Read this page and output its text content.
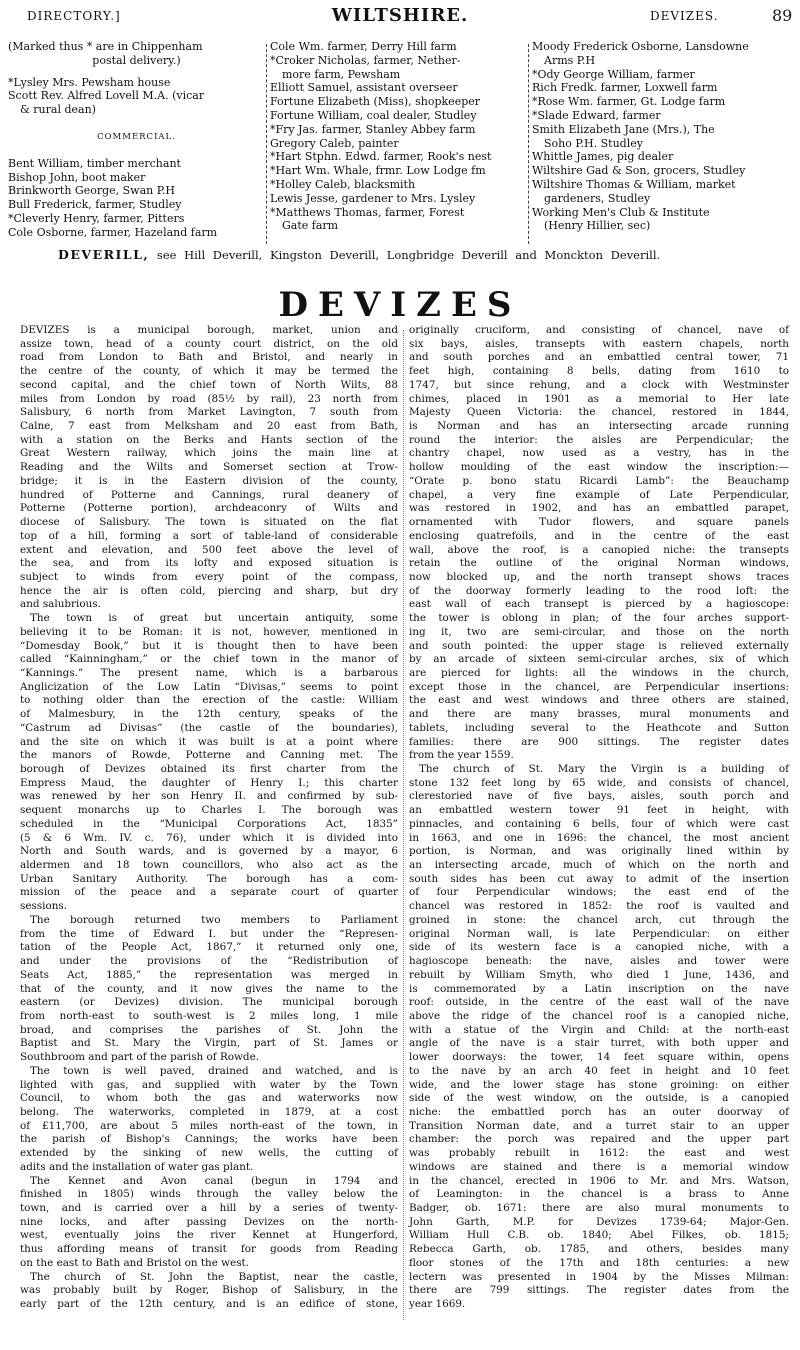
DIRECTORY.]	WILTSHIRE.	DEVIZES.	89
(Marked thus * are in Chippenham
postal delivery.)
*Lysley Mrs. Pewsham house
Scott Rev. Alfred Lovell M.A. (vicar
& rural dean)
COMMERCIAL.
Bent William, timber merchant
Bishop John, boot maker
Brinkworth George, Swan P.H
Bull Frederick, farmer, Studley
*Cleverly Henry, farmer, Pitters
Cole Osborne, farmer, Hazeland farm
Cole Wm. farmer, Derry Hill farm
*Croker Nicholas, farmer, Nether-
more farm, Pewsham
Elliott Samuel, assistant overseer
Fortune Elizabeth (Miss), shopkeeper
Fortune William, coal dealer, Studley
*Fry Jas. farmer, Stanley Abbey farm
Gregory Caleb, painter
*Hart Stphn. Edwd. farmer, Rook's nest
*Hart Wm. Whale, frmr. Low Lodge fm
*Holley Caleb, blacksmith
Lewis Jesse, gardener to Mrs. Lysley
*Matthews Thomas, farmer, Forest
Gate farm
Moody Frederick Osborne, Lansdowne
Arms P.H
*Ody George William, farmer
Rich Fredk. farmer, Loxwell farm
*Rose Wm. farmer, Gt. Lodge farm
*Slade Edward, farmer
Smith Elizabeth Jane (Mrs.), The
Soho P.H. Studley
Whittle James, pig dealer
Wiltshire Gad & Son, grocers, Studley
Wiltshire Thomas & William, market
gardeners, Studley
Working Men's Club & Institute
(Henry Hillier, sec)
DEVERILL, see Hill Deverill, Kingston Deverill, Longbridge Deverill and Monckton Deverill.
DEVIZES
DEVIZES is a municipal borough, market, union and
assize town, head of a county court district, on the old
road from London to Bath and Bristol, and nearly in
the centre of the county, of which it may be termed the
second capital, and the chief town of North Wilts, 88
miles from London by road (85½ by rail), 23 north from
Salisbury, 6 north from Market Lavington, 7 south from
Calne, 7 east from Melksham and 20 east from Bath,
with a station on the Berks and Hants section of the
Great Western railway, which joins the main line at
Reading and the Wilts and Somerset section at Trow-
bridge; it is in the Eastern division of the county,
hundred of Potterne and Cannings, rural deanery of
Potterne (Potterne portion), archdeaconry of Wilts and
diocese of Salisbury. The town is situated on the flat
top of a hill, forming a sort of table-land of considerable
extent and elevation, and 500 feet above the level of
the sea, and from its lofty and exposed situation is
subject to winds from every point of the compass,
hence the air is often cold, piercing and sharp, but dry
and salubrious.
The town is of great but uncertain antiquity, some
believing it to be Roman: it is not, however, mentioned in
“Domesday Book,” but it is thought then to have been
called “Kainningham,” or the chief town in the manor of
“Kannings.” The present name, which is a barbarous
Anglicization of the Low Latin “Divisas,” seems to point
to nothing older than the erection of the castle: William
of Malmesbury, in the 12th century, speaks of the
“Castrum ad Divisas” (the castle of the boundaries),
and the site on which it was built is at a point where
the manors of Rowde, Potterne and Canning met. The
borough of Devizes obtained its first charter from the
Empress Maud, the daughter of Henry I.; this charter
was renewed by her son Henry II. and confirmed by sub-
sequent monarchs up to Charles I. The borough was
scheduled in the “Municipal Corporations Act, 1835”
(5 & 6 Wm. IV. c. 76), under which it is divided into
North and South wards, and is governed by a mayor, 6
aldermen and 18 town councillors, who also act as the
Urban Sanitary Authority. The borough has a com-
mission of the peace and a separate court of quarter
sessions.
The borough returned two members to Parliament
from the time of Edward I. but under the “Represen-
tation of the People Act, 1867,” it returned only one,
and under the provisions of the “Redistribution of
Seats Act, 1885,” the representation was merged in
that of the county, and it now gives the name to the
eastern (or Devizes) division. The municipal borough
from north-east to south-west is 2 miles long, 1 mile
broad, and comprises the parishes of St. John the
Baptist and St. Mary the Virgin, part of St. James or
Southbroom and part of the parish of Rowde.
The town is well paved, drained and watched, and is
lighted with gas, and supplied with water by the Town
Council, to whom both the gas and waterworks now
belong. The waterworks, completed in 1879, at a cost
of £11,700, are about 5 miles north-east of the town, in
the parish of Bishop's Cannings; the works have been
extended by the sinking of new wells, the cutting of
adits and the installation of water gas plant.
The Kennet and Avon canal (begun in 1794 and
finished in 1805) winds through the valley below the
town, and is carried over a hill by a series of twenty-
nine locks, and after passing Devizes on the north-
west, eventually joins the river Kennet at Hungerford,
thus affording means of transit for goods from Reading
on the east to Bath and Bristol on the west.
The church of St. John the Baptist, near the castle,
was probably built by Roger, Bishop of Salisbury, in the
early part of the 12th century, and is an edifice of stone,
originally cruciform, and consisting of chancel, nave of
six bays, aisles, transepts with eastern chapels, north
and south porches and an embattled central tower, 71
feet high, containing 8 bells, dating from 1610 to
1747, but since rehung, and a clock with Westminster
chimes, placed in 1901 as a memorial to Her late
Majesty Queen Victoria: the chancel, restored in 1844,
is Norman and has an intersecting arcade running
round the interior: the aisles are Perpendicular; the
chantry chapel, now used as a vestry, has in the
hollow moulding of the east window the inscription:—
“Orate p. bono statu Ricardi Lamb”: the Beauchamp
chapel, a very fine example of Late Perpendicular,
was restored in 1902, and has an embattled parapet,
ornamented with Tudor flowers, and square panels
enclosing quatrefoils, and in the centre of the east
wall, above the roof, is a canopied niche: the transepts
retain the outline of the original Norman windows,
now blocked up, and the north transept shows traces
of the doorway formerly leading to the rood loft: the
east wall of each transept is pierced by a hagioscope:
the tower is oblong in plan; of the four arches support-
ing it, two are semi-circular, and those on the north
and south pointed: the upper stage is relieved externally
by an arcade of sixteen semi-circular arches, six of which
are pierced for lights: all the windows in the church,
except those in the chancel, are Perpendicular insertions:
the east and west windows and three others are stained,
and there are many brasses, mural monuments and
tablets, including several to the Heathcote and Sutton
families: there are 900 sittings. The register dates
from the year 1559.
The church of St. Mary the Virgin is a building of
stone 132 feet long by 65 wide, and consists of chancel,
clerestoried nave of five bays, aisles, south porch and
an embattled western tower 91 feet in height, with
pinnacles, and containing 6 bells, four of which were cast
in 1663, and one in 1696: the chancel, the most ancient
portion, is Norman, and was originally lined within by
an intersecting arcade, much of which on the north and
south sides has been cut away to admit of the insertion
of four Perpendicular windows; the east end of the
chancel was restored in 1852: the roof is vaulted and
groined in stone: the chancel arch, cut through the
original Norman wall, is late Perpendicular: on either
side of its western face is a canopied niche, with a
hagioscope beneath: the nave, aisles and tower were
rebuilt by William Smyth, who died 1 June, 1436, and
is commemorated by a Latin inscription on the nave
roof: outside, in the centre of the east wall of the nave
above the ridge of the chancel roof is a canopied niche,
with a statue of the Virgin and Child: at the north-east
angle of the nave is a stair turret, with both upper and
lower doorways: the tower, 14 feet square within, opens
to the nave by an arch 40 feet in height and 10 feet
wide, and the lower stage has stone groining: on either
side of the west window, on the outside, is a canopied
niche: the embattled porch has an outer doorway of
Transition Norman date, and a turret stair to an upper
chamber: the porch was repaired and the upper part
was probably rebuilt in 1612: the east and west
windows are stained and there is a memorial window
in the chancel, erected in 1906 to Mr. and Mrs. Watson,
of Leamington: in the chancel is a brass to Anne
Badger, ob. 1671: there are also mural monuments to
John Garth, M.P. for Devizes 1739-64; Major-Gen.
William Hull C.B. ob. 1840; Abel Filkes, ob. 1815;
Rebecca Garth, ob. 1785, and others, besides many
floor stones of the 17th and 18th centuries: a new
lectern was presented in 1904 by the Misses Milman:
there are 799 sittings. The register dates from the
year 1669.
